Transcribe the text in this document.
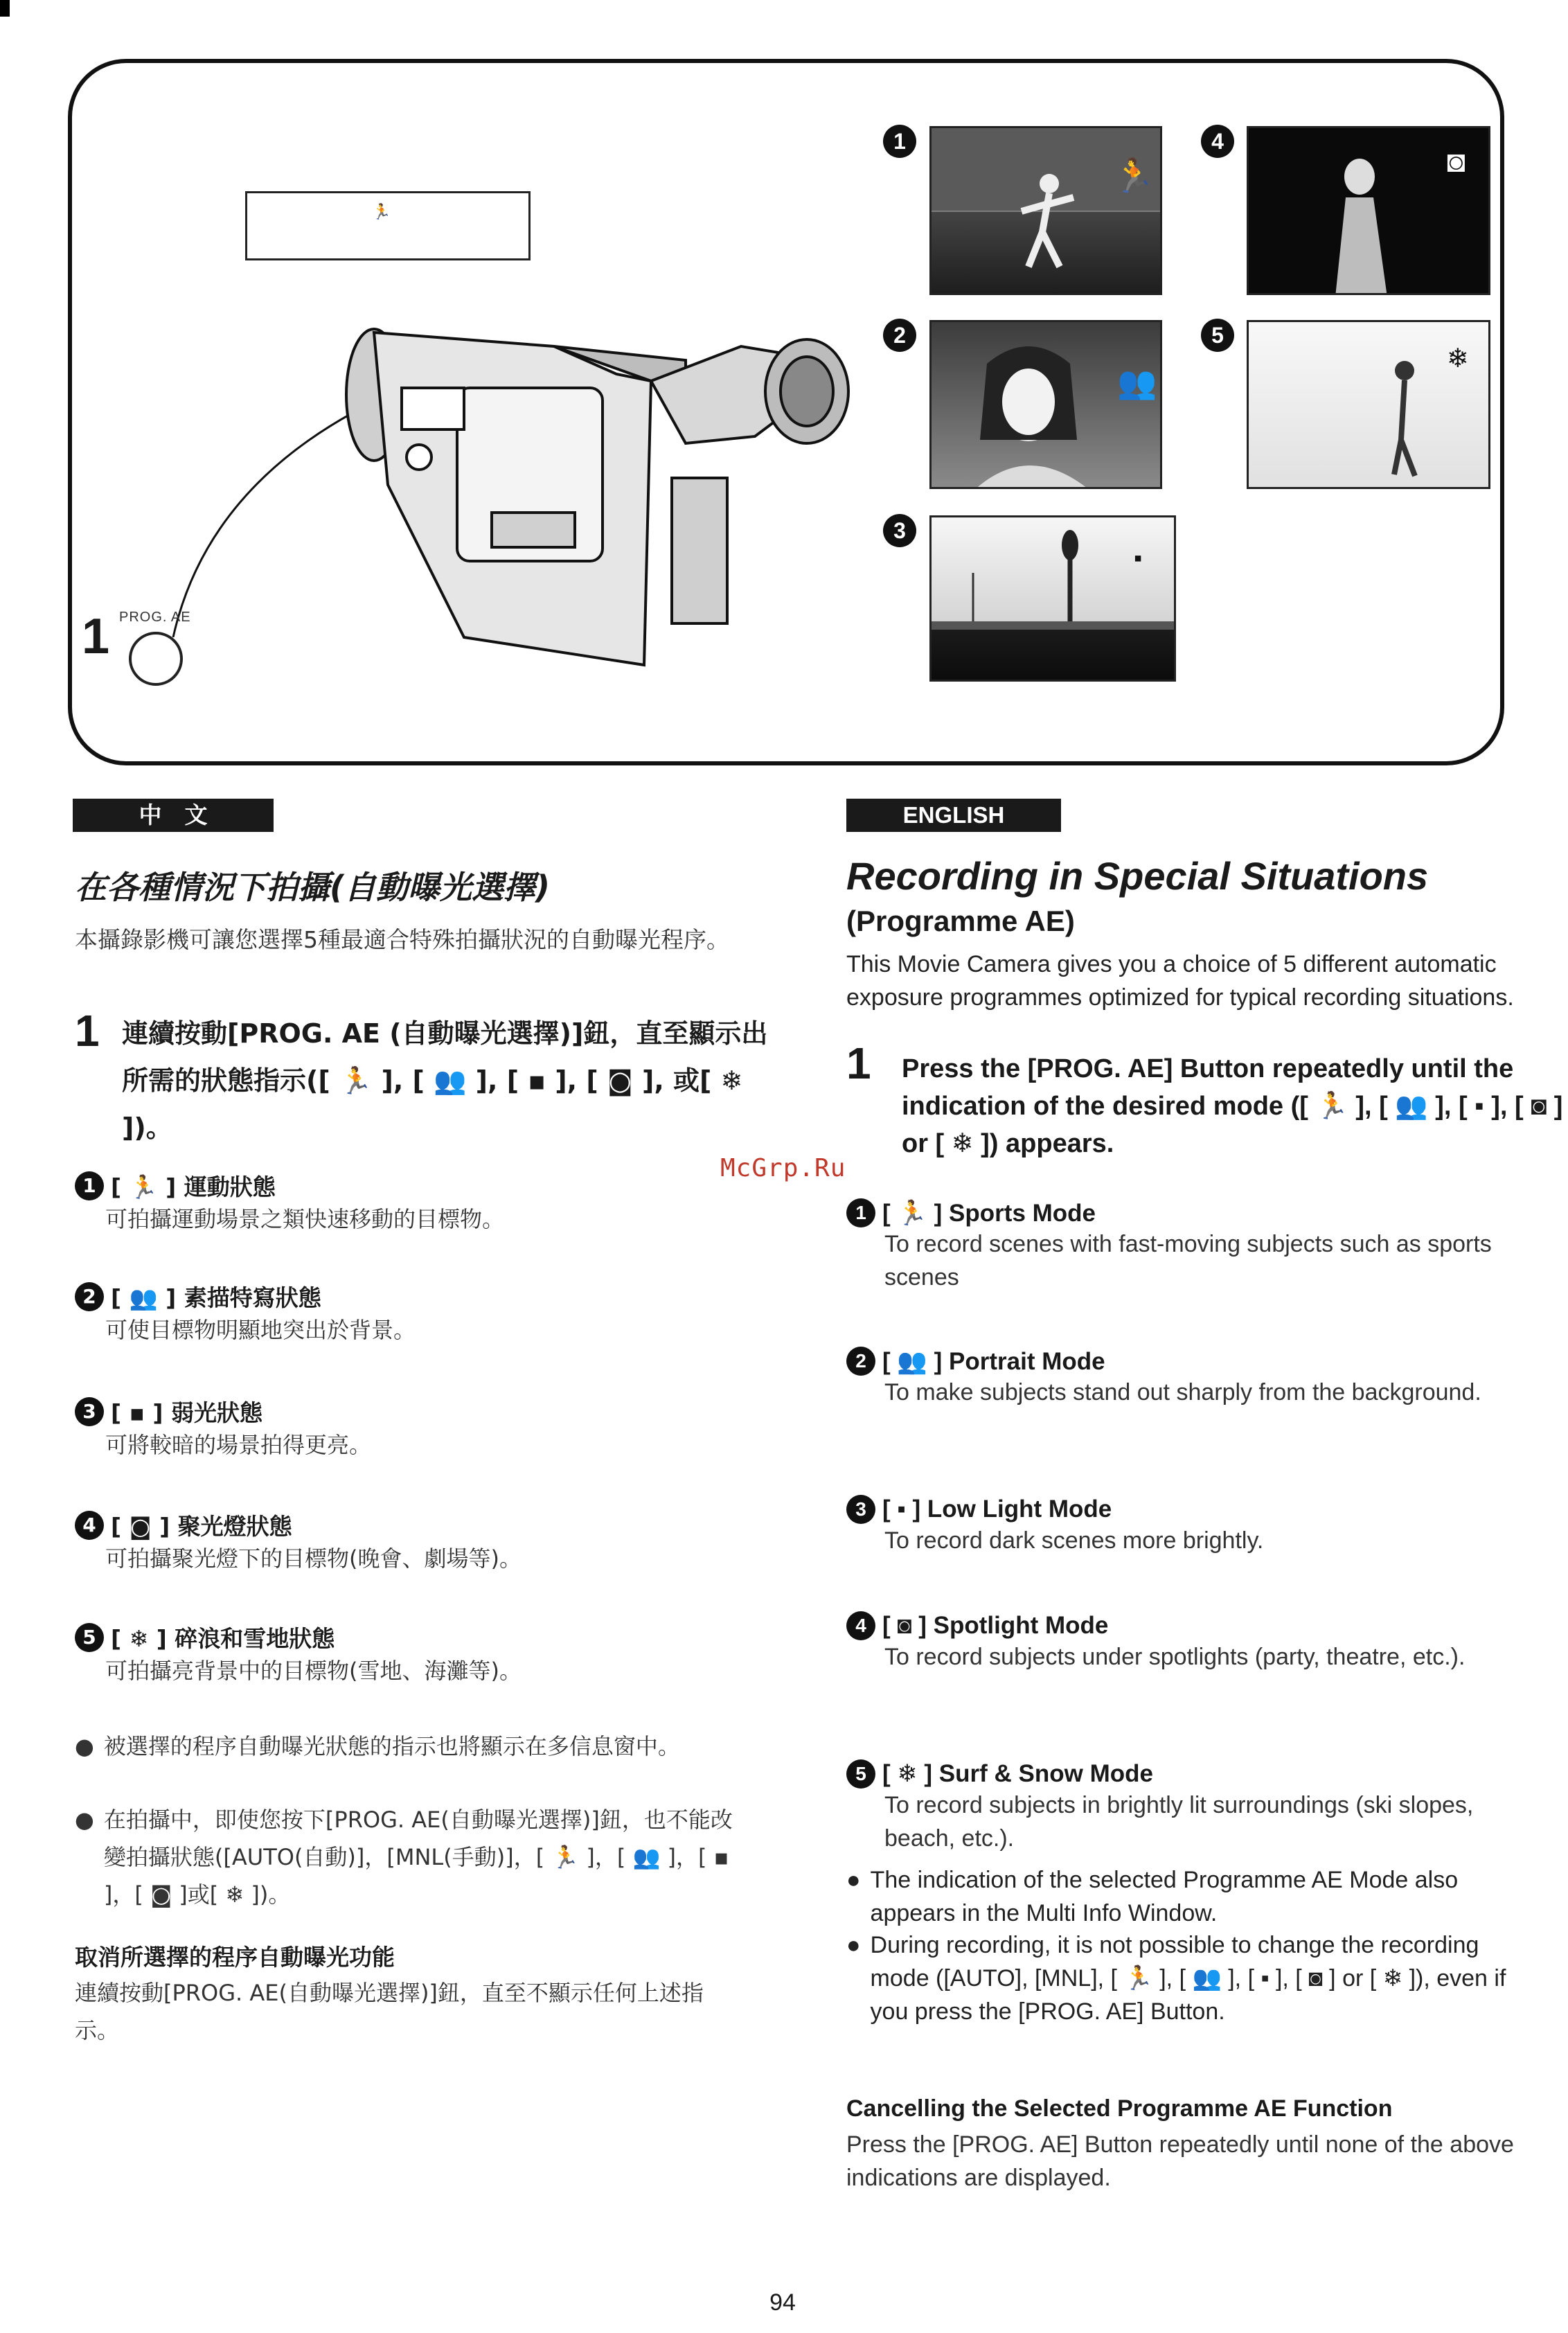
🏃
1 PROG. AE
1
🏃
2
👥
3
▪
4
◙
5
❄
中　文	ENGLISH
McGrp.Ru
在各種情況下拍攝(自動曝光選擇)
本攝錄影機可讓您選擇5種最適合特殊拍攝狀況的自動曝光程序。
1 連續按動[PROG. AE (自動曝光選擇)]鈕，直至顯示出所需的狀態指示([ 🏃 ], [ 👥 ], [ ▪ ], [ ◙ ], 或[ ❄ ])。
1 [ 🏃 ] 運動狀態
可拍攝運動場景之類快速移動的目標物。
2 [ 👥 ] 素描特寫狀態
可使目標物明顯地突出於背景。
3 [ ▪ ] 弱光狀態
可將較暗的場景拍得更亮。
4 [ ◙ ] 聚光燈狀態
可拍攝聚光燈下的目標物(晚會、劇場等)。
5 [ ❄ ] 碎浪和雪地狀態
可拍攝亮背景中的目標物(雪地、海灘等)。
● 被選擇的程序自動曝光狀態的指示也將顯示在多信息窗中。
● 在拍攝中，即使您按下[PROG. AE(自動曝光選擇)]鈕，也不能改變拍攝狀態([AUTO(自動)]，[MNL(手動)]，[ 🏃 ]，[ 👥 ]，[ ▪ ]，[ ◙ ]或[ ❄ ])。
取消所選擇的程序自動曝光功能
連續按動[PROG. AE(自動曝光選擇)]鈕，直至不顯示任何上述指示。
Recording in Special Situations
(Programme AE)
This Movie Camera gives you a choice of 5 different automatic exposure programmes optimized for typical recording situations.
1 Press the [PROG. AE] Button repeatedly until the indication of the desired mode ([ 🏃 ], [ 👥 ], [ ▪ ], [ ◙ ] or [ ❄ ]) appears.
1 [ 🏃 ] Sports Mode
To record scenes with fast-moving subjects such as sports scenes
2 [ 👥 ] Portrait Mode
To make subjects stand out sharply from the background.
3 [ ▪ ] Low Light Mode
To record dark scenes more brightly.
4 [ ◙ ] Spotlight Mode
To record subjects under spotlights (party, theatre, etc.).
5 [ ❄ ] Surf & Snow Mode
To record subjects in brightly lit surroundings (ski slopes, beach, etc.).
● The indication of the selected Programme AE Mode also appears in the Multi Info Window.
● During recording, it is not possible to change the recording mode ([AUTO], [MNL], [ 🏃 ], [ 👥 ], [ ▪ ], [ ◙ ] or [ ❄ ]), even if you press the [PROG. AE] Button.
Cancelling the Selected Programme AE Function
Press the [PROG. AE] Button repeatedly until none of the above indications are displayed.
94
